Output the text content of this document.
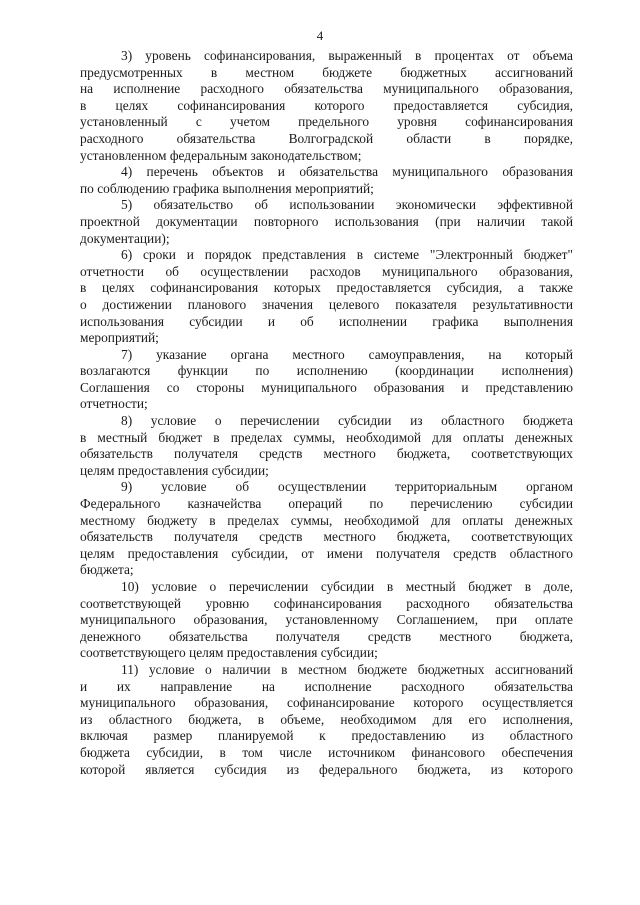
4
3) уровень софинансирования, выраженный в процентах от объема
предусмотренных в местном бюджете бюджетных ассигнований
на исполнение расходного обязательства муниципального образования,
в целях софинансирования которого предоставляется субсидия,
установленный с учетом предельного уровня софинансирования
расходного обязательства Волгоградской области в порядке,
установленном федеральным законодательством;
4) перечень объектов и обязательства муниципального образования
по соблюдению графика выполнения мероприятий;
5) обязательство об использовании экономически эффективной
проектной документации повторного использования (при наличии такой
документации);
6) сроки и порядок представления в системе "Электронный бюджет"
отчетности об осуществлении расходов муниципального образования,
в целях софинансирования которых предоставляется субсидия, а также
о достижении планового значения целевого показателя результативности
использования субсидии и об исполнении графика выполнения
мероприятий;
7) указание органа местного самоуправления, на который
возлагаются функции по исполнению (координации исполнения)
Соглашения со стороны муниципального образования и представлению
отчетности;
8) условие о перечислении субсидии из областного бюджета
в местный бюджет в пределах суммы, необходимой для оплаты денежных
обязательств получателя средств местного бюджета, соответствующих
целям предоставления субсидии;
9) условие об осуществлении территориальным органом
Федерального казначейства операций по перечислению субсидии
местному бюджету в пределах суммы, необходимой для оплаты денежных
обязательств получателя средств местного бюджета, соответствующих
целям предоставления субсидии, от имени получателя средств областного
бюджета;
10) условие о перечислении субсидии в местный бюджет в доле,
соответствующей уровню софинансирования расходного обязательства
муниципального образования, установленному Соглашением, при оплате
денежного обязательства получателя средств местного бюджета,
соответствующего целям предоставления субсидии;
11) условие о наличии в местном бюджете бюджетных ассигнований
и их направление на исполнение расходного обязательства
муниципального образования, софинансирование которого осуществляется
из областного бюджета, в объеме, необходимом для его исполнения,
включая размер планируемой к предоставлению из областного
бюджета субсидии, в том числе источником финансового обеспечения
которой является субсидия из федерального бюджета, из которого
